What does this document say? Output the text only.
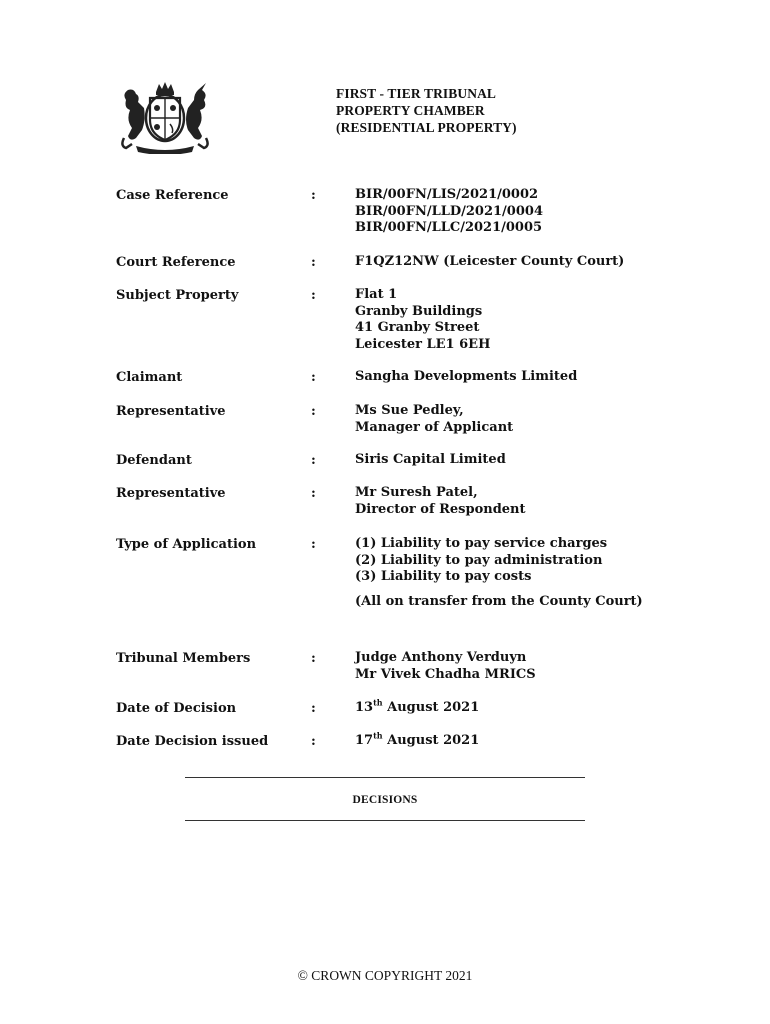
FIRST - TIER TRIBUNAL
PROPERTY CHAMBER
(RESIDENTIAL PROPERTY)
Case Reference	:	BIR/00FN/LIS/2021/0002
BIR/00FN/LLD/2021/0004
BIR/00FN/LLC/2021/0005
Court Reference	:	F1QZ12NW (Leicester County Court)
Subject Property	:	Flat 1
Granby Buildings
41 Granby Street
Leicester LE1 6EH
Claimant	:	Sangha Developments Limited
Representative	:	Ms Sue Pedley,
Manager of Applicant
Defendant	:	Siris Capital Limited
Representative	:	Mr Suresh Patel,
Director of Respondent
Type of Application	:	(1) Liability to pay service charges
(2) Liability to pay administration
(3) Liability to pay costs
(All on transfer from the County Court)
Tribunal Members	:	Judge Anthony Verduyn
Mr Vivek Chadha MRICS
Date of Decision	:	13th August 2021
Date Decision issued	:	17th August 2021
DECISIONS
© CROWN COPYRIGHT 2021
